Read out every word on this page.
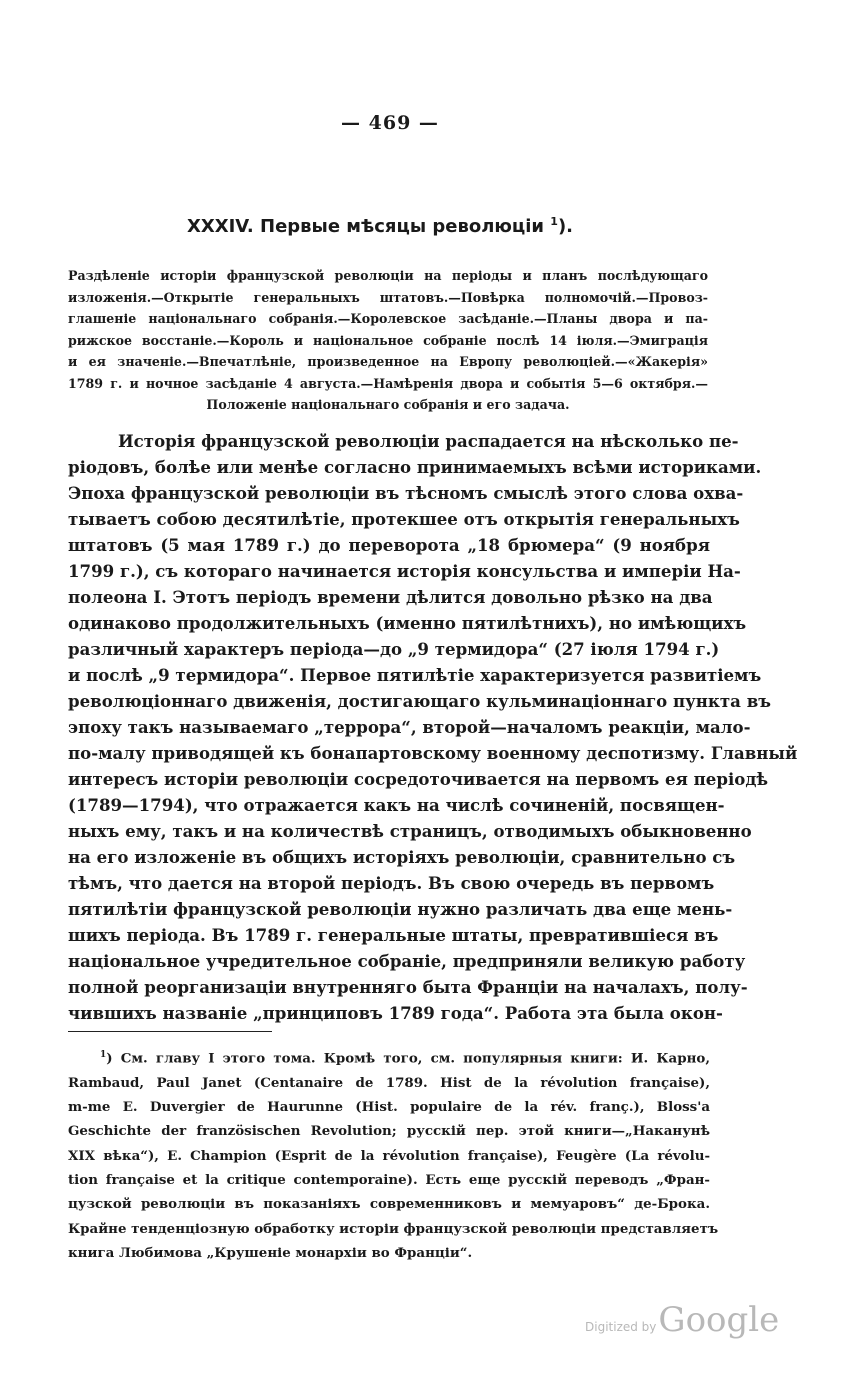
— 469 —
XXXIV. Первые мѣсяцы революціи $^1$).
Раздѣленіе исторіи французской революціи на періоды и планъ послѣдующаго
изложенія.—Открытіе генеральныхъ штатовъ.—Повѣрка полномочій.—Провоз-
глашеніе національнаго собранія.—Королевское засѣданіе.—Планы двора и па-
рижское восстаніе.—Король и національное собраніе послѣ 14 іюля.—Эмиграція
и ея значеніе.—Впечатлѣніе, произведенное на Европу революціей.—«Жакерія»
1789 г. и ночное засѣданіе 4 августа.—Намѣренія двора и событія 5—6 октября.—
Положеніе національнаго собранія и его задача.
Исторія французской революціи распадается на нѣсколько пе-
ріодовъ, болѣе или менѣе согласно принимаемыхъ всѣми историками.
Эпоха французской революціи въ тѣсномъ смыслѣ этого слова охва-
тываетъ собою десятилѣтіе, протекшее отъ открытія генеральныхъ
штатовъ (5 мая 1789 г.) до переворота „18 брюмера“ (9 ноября
1799 г.), съ котораго начинается исторія консульства и имперіи На-
полеона I. Этотъ періодъ времени дѣлится довольно рѣзко на два
одинаково продолжительныхъ (именно пятилѣтнихъ), но имѣющихъ
различный характеръ періода—до „9 термидора“ (27 іюля 1794 г.)
и послѣ „9 термидора“. Первое пятилѣтіе характеризуется развитіемъ
революціоннаго движенія, достигающаго кульминаціоннаго пункта въ
эпоху такъ называемаго „террора“, второй—началомъ реакціи, мало-
по-малу приводящей къ бонапартовскому военному деспотизму. Главный
интересъ исторіи революціи сосредоточивается на первомъ ея періодѣ
(1789—1794), что отражается какъ на числѣ сочиненій, посвящен-
ныхъ ему, такъ и на количествѣ страницъ, отводимыхъ обыкновенно
на его изложеніе въ общихъ исторіяхъ революціи, сравнительно съ
тѣмъ, что дается на второй періодъ. Въ свою очередь въ первомъ
пятилѣтіи французской революціи нужно различать два еще мень-
шихъ періода. Въ 1789 г. генеральные штаты, превратившіеся въ
національное учредительное собраніе, предприняли великую работу
полной реорганизаціи внутренняго быта Франціи на началахъ, полу-
чившихъ названіе „принциповъ 1789 года“. Работа эта была окон-
$^1$) См. главу I этого тома. Кромѣ того, см. популярныя книги: И. Карно,
Rambaud, Paul Janet (Centanaire de 1789. Hist de la révolution française),
m-me E. Duvergier de Haurunne (Hist. populaire de la rév. franç.), Bloss'a
Geschichte der französischen Revolution; русскій пер. этой книги—„Наканунѣ
XIX вѣка“), E. Champion (Esprit de la révolution française), Feugère (La révolu-
tion française et la critique contemporaine). Есть еще русскій переводъ „Фран-
цузской революціи въ показаніяхъ современниковъ и мемуаровъ“ де-Брока.
Крайне тенденціозную обработку исторіи французской революціи представляетъ
книга Любимова „Крушеніе монархіи во Франціи“.
Digitized by Google
